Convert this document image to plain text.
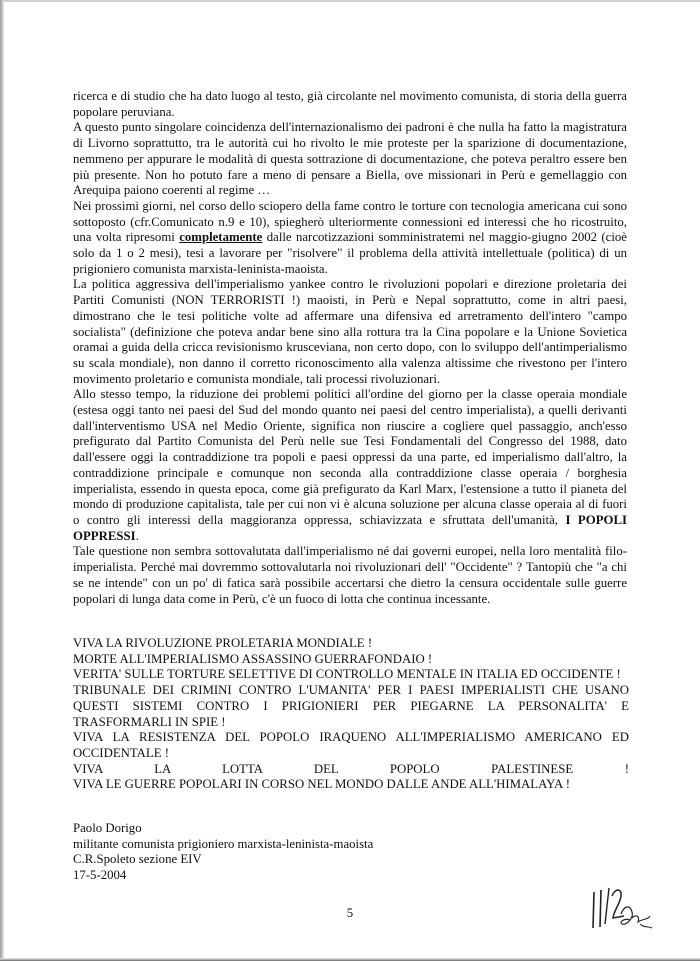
ricerca e di studio che ha dato luogo al testo, già circolante nel movimento comunista, di storia della guerra popolare peruviana.

A questo punto singolare coincidenza dell'internazionalismo dei padroni è che nulla ha fatto la magistratura di Livorno soprattutto, tra le autorità cui ho rivolto le mie proteste per la sparizione di documentazione, nemmeno per appurare le modalità di questa sottrazione di documentazione, che poteva peraltro essere ben più presente. Non ho potuto fare a meno di pensare a Biella, ove missionari in Perù e gemellaggio con Arequipa paiono coerenti al regime …

Nei prossimi giorni, nel corso dello sciopero della fame contro le torture con tecnologia americana cui sono sottoposto (cfr.Comunicato n.9 e 10), spiegherò ulteriormente connessioni ed interessi che ho ricostruito, una volta ripresomi completamente dalle narcotizzazioni somministratemi nel maggio-giugno 2002 (cioè solo da 1 o 2 mesi), tesi a lavorare per "risolvere" il problema della attività intellettuale (politica) di un prigioniero comunista marxista-leninista-maoista.

La politica aggressiva dell'imperialismo yankee contro le rivoluzioni popolari e direzione proletaria dei Partiti Comunisti (NON TERRORISTI !) maoisti, in Perù e Nepal soprattutto, come in altri paesi, dimostrano che le tesi politiche volte ad affermare una difensiva ed arretramento dell'intero "campo socialista" (definizione che poteva andar bene sino alla rottura tra la Cina popolare e la Unione Sovietica oramai a guida della cricca revisionismo krusceviana, non certo dopo, con lo sviluppo dell'antimperialismo su scala mondiale), non danno il corretto riconoscimento alla valenza altissime che rivestono per l'intero movimento proletario e comunista mondiale, tali processi rivoluzionari.

Allo stesso tempo, la riduzione dei problemi politici all'ordine del giorno per la classe operaia mondiale (estesa oggi tanto nei paesi del Sud del mondo quanto nei paesi del centro imperialista), a quelli derivanti dall'interventismo USA nel Medio Oriente, significa non riuscire a cogliere quel passaggio, anch'esso prefigurato dal Partito Comunista del Perù nelle sue Tesi Fondamentali del Congresso del 1988, dato dall'essere oggi la contraddizione tra popoli e paesi oppressi da una parte, ed imperialismo dall'altro, la contraddizione principale e comunque non seconda alla contraddizione classe operaia / borghesia imperialista, essendo in questa epoca, come già prefigurato da Karl Marx, l'estensione a tutto il pianeta del mondo di produzione capitalista, tale per cui non vi è alcuna soluzione per alcuna classe operaia al di fuori o contro gli interessi della maggioranza oppressa, schiavizzata e sfruttata dell'umanità, I POPOLI OPPRESSI.

Tale questione non sembra sottovalutata dall'imperialismo né dai governi europei, nella loro mentalità filo-imperialista. Perché mai dovremmo sottovalutarla noi rivoluzionari dell' "Occidente" ? Tantopiù che "a chi se ne intende" con un po' di fatica sarà possibile accertarsi che dietro la censura occidentale sulle guerre popolari di lunga data come in Perù, c'è un fuoco di lotta che continua incessante.

VIVA LA RIVOLUZIONE PROLETARIA MONDIALE !

MORTE ALL'IMPERIALISMO ASSASSINO GUERRAFONDAIO !

VERITA' SULLE TORTURE SELETTIVE DI CONTROLLO MENTALE IN ITALIA ED OCCIDENTE !

TRIBUNALE DEI CRIMINI CONTRO L'UMANITA' PER I PAESI IMPERIALISTI CHE USANO QUESTI SISTEMI CONTRO I PRIGIONIERI PER PIEGARNE LA PERSONALITA' E TRASFORMARLI IN SPIE !

VIVA LA RESISTENZA DEL POPOLO IRAQUENO ALL'IMPERIALISMO AMERICANO ED OCCIDENTALE !

VIVA LA LOTTA DEL POPOLO PALESTINESE !

VIVA LE GUERRE POPOLARI IN CORSO NEL MONDO DALLE ANDE ALL'HIMALAYA !

Paolo Dorigo

militante comunista prigioniero marxista-leninista-maoista

C.R.Spoleto sezione EIV

17-5-2004

5
